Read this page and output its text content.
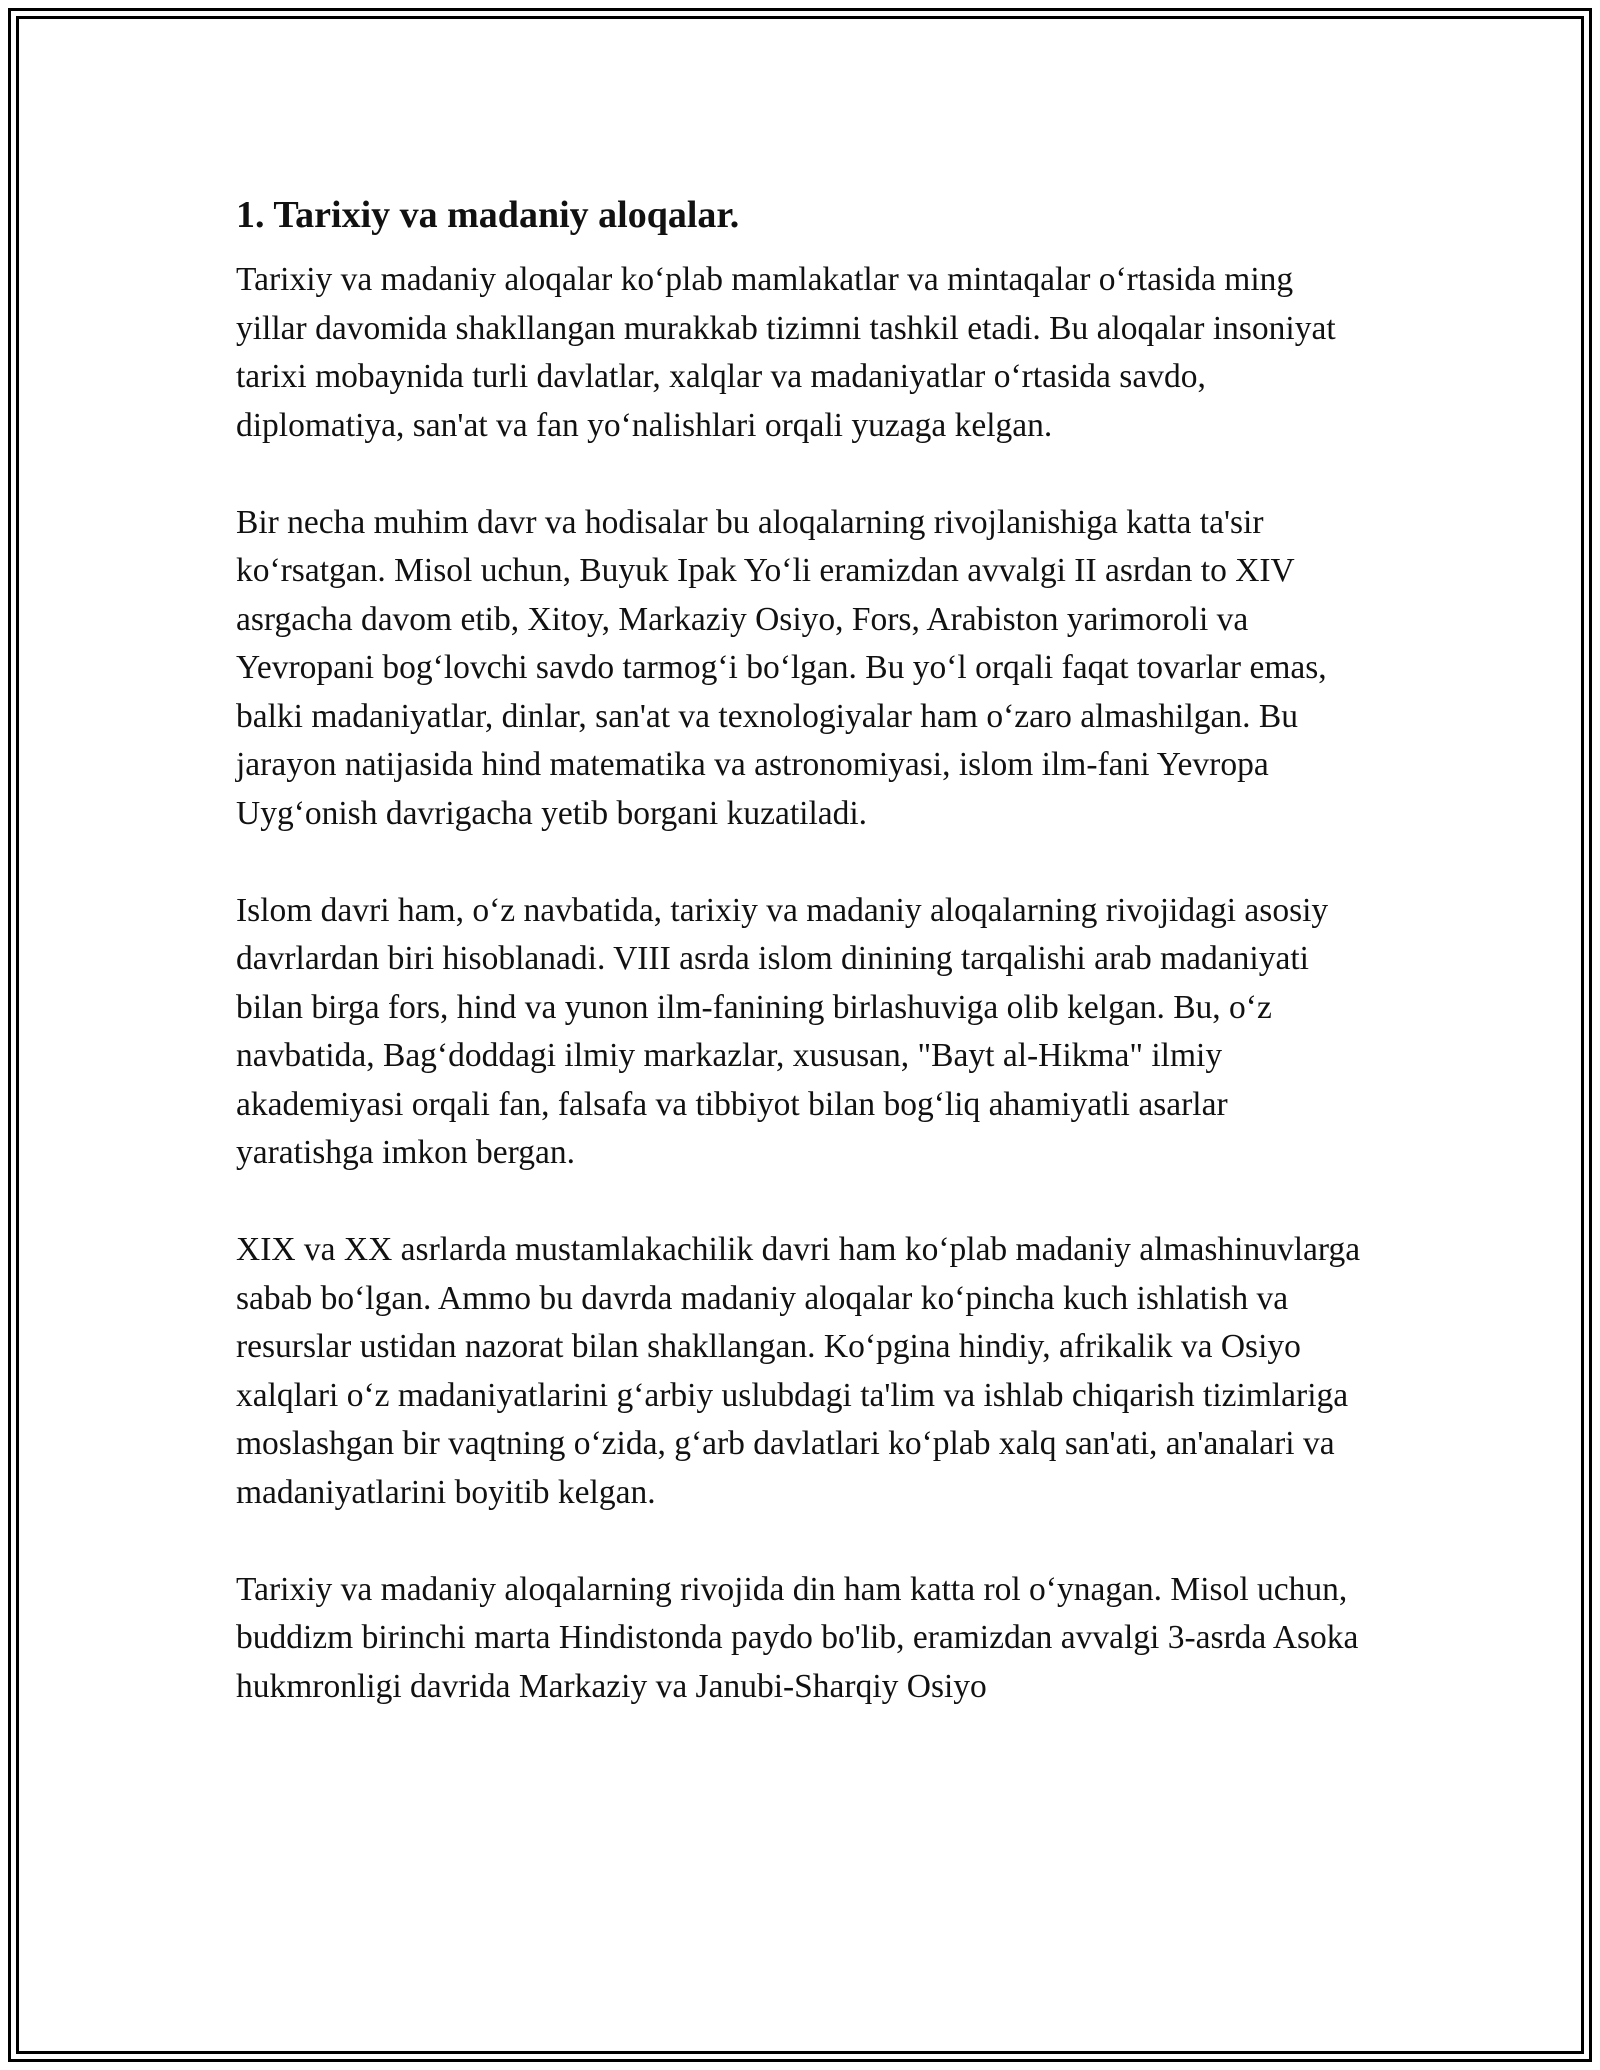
1. Tarixiy va madaniy aloqalar.

Tarixiy va madaniy aloqalar ko‘plab mamlakatlar va mintaqalar o‘rtasida ming yillar davomida shakllangan murakkab tizimni tashkil etadi. Bu aloqalar insoniyat tarixi mobaynida turli davlatlar, xalqlar va madaniyatlar o‘rtasida savdo, diplomatiya, san'at va fan yo‘nalishlari orqali yuzaga kelgan.

Bir necha muhim davr va hodisalar bu aloqalarning rivojlanishiga katta ta'sir ko‘rsatgan. Misol uchun, Buyuk Ipak Yo‘li eramizdan avvalgi II asrdan to XIV asrgacha davom etib, Xitoy, Markaziy Osiyo, Fors, Arabiston yarimoroli va Yevropani bog‘lovchi savdo tarmog‘i bo‘lgan. Bu yo‘l orqali faqat tovarlar emas, balki madaniyatlar, dinlar, san'at va texnologiyalar ham o‘zaro almashilgan. Bu jarayon natijasida hind matematika va astronomiyasi, islom ilm-fani Yevropa Uyg‘onish davrigacha yetib borgani kuzatiladi.

Islom davri ham, o‘z navbatida, tarixiy va madaniy aloqalarning rivojidagi asosiy davrlardan biri hisoblanadi. VIII asrda islom dinining tarqalishi arab madaniyati bilan birga fors, hind va yunon ilm-fanining birlashuviga olib kelgan. Bu, o‘z navbatida, Bag‘doddagi ilmiy markazlar, xususan, "Bayt al-Hikma" ilmiy akademiyasi orqali fan, falsafa va tibbiyot bilan bog‘liq ahamiyatli asarlar yaratishga imkon bergan.

XIX va XX asrlarda mustamlakachilik davri ham ko‘plab madaniy almashinuvlarga sabab bo‘lgan. Ammo bu davrda madaniy aloqalar ko‘pincha kuch ishlatish va resurslar ustidan nazorat bilan shakllangan. Ko‘pgina hindiy, afrikalik va Osiyo xalqlari o‘z madaniyatlarini g‘arbiy uslubdagi ta'lim va ishlab chiqarish tizimlariga moslashgan bir vaqtning o‘zida, g‘arb davlatlari ko‘plab xalq san'ati, an'analari va madaniyatlarini boyitib kelgan.

Tarixiy va madaniy aloqalarning rivojida din ham katta rol o‘ynagan. Misol uchun, buddizm birinchi marta Hindistonda paydo bo'lib, eramizdan avvalgi 3-asrda Asoka hukmronligi davrida Markaziy va Janubi-Sharqiy Osiyo
